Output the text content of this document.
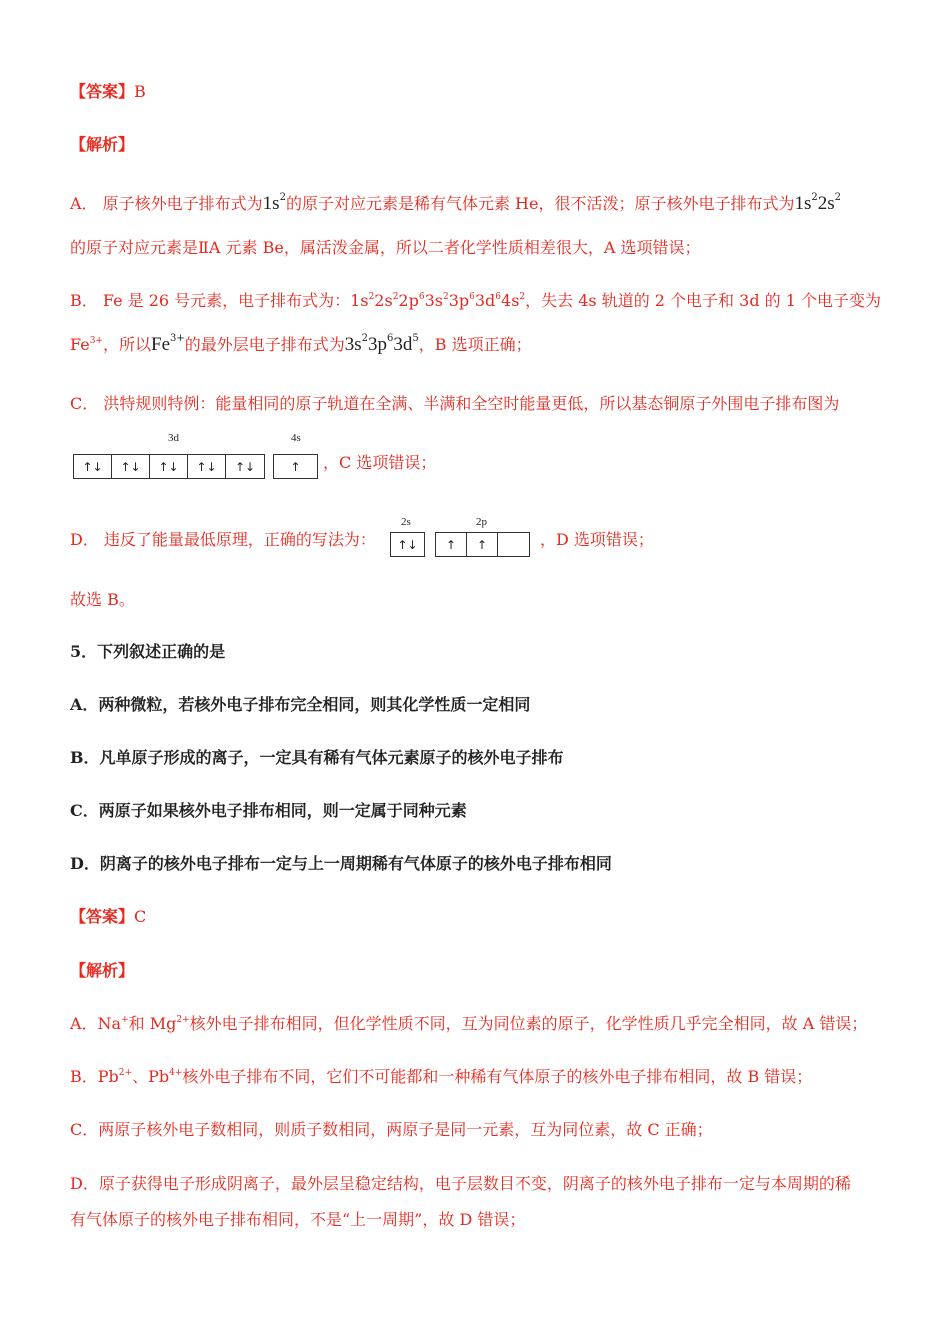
【答案】B
【解析】
A． 原子核外电子排布式为$1s^2$的原子对应元素是稀有气体元素 He，很不活泼；原子核外电子排布式为$1s^22s^2$
的原子对应元素是ⅡA 元素 Be，属活泼金属，所以二者化学性质相差很大，A 选项错误；
B． Fe 是 26 号元素，电子排布式为：$1s^22s^22p^63s^23p^63d^64s^2$，失去 4s 轨道的 2 个电子和 3d 的 1 个电子变为
$Fe^{3+}$，所以$Fe^{3+}$的最外层电子排布式为$3s^23p^63d^5$，B 选项正确；
C． 洪特规则特例：能量相同的原子轨道在全满、半满和全空时能量更低，所以基态铜原子外围电子排布图为
3d	4s
↑↓	↑↓	↑↓	↑↓	↑↓	↑	，C 选项错误；
D． 违反了能量最低原理，正确的写法为：
2s	2p
↑↓	↑	↑	，D 选项错误；
故选 B。
5．下列叙述正确的是
A．两种微粒，若核外电子排布完全相同，则其化学性质一定相同
B．凡单原子形成的离子，一定具有稀有气体元素原子的核外电子排布
C．两原子如果核外电子排布相同，则一定属于同种元素
D．阴离子的核外电子排布一定与上一周期稀有气体原子的核外电子排布相同
【答案】C
【解析】
A．Na+和 $Mg^{2+}$核外电子排布相同，但化学性质不同，互为同位素的原子，化学性质几乎完全相同，故 A 错误；
B．$Pb^{2+}$、$Pb^{4+}$核外电子排布不同，它们不可能都和一种稀有气体原子的核外电子排布相同，故 B 错误；
C．两原子核外电子数相同，则质子数相同，两原子是同一元素，互为同位素，故 C 正确；
D．原子获得电子形成阴离子，最外层呈稳定结构，电子层数目不变，阴离子的核外电子排布一定与本周期的稀
有气体原子的核外电子排布相同，不是“上一周期”，故 D 错误；
